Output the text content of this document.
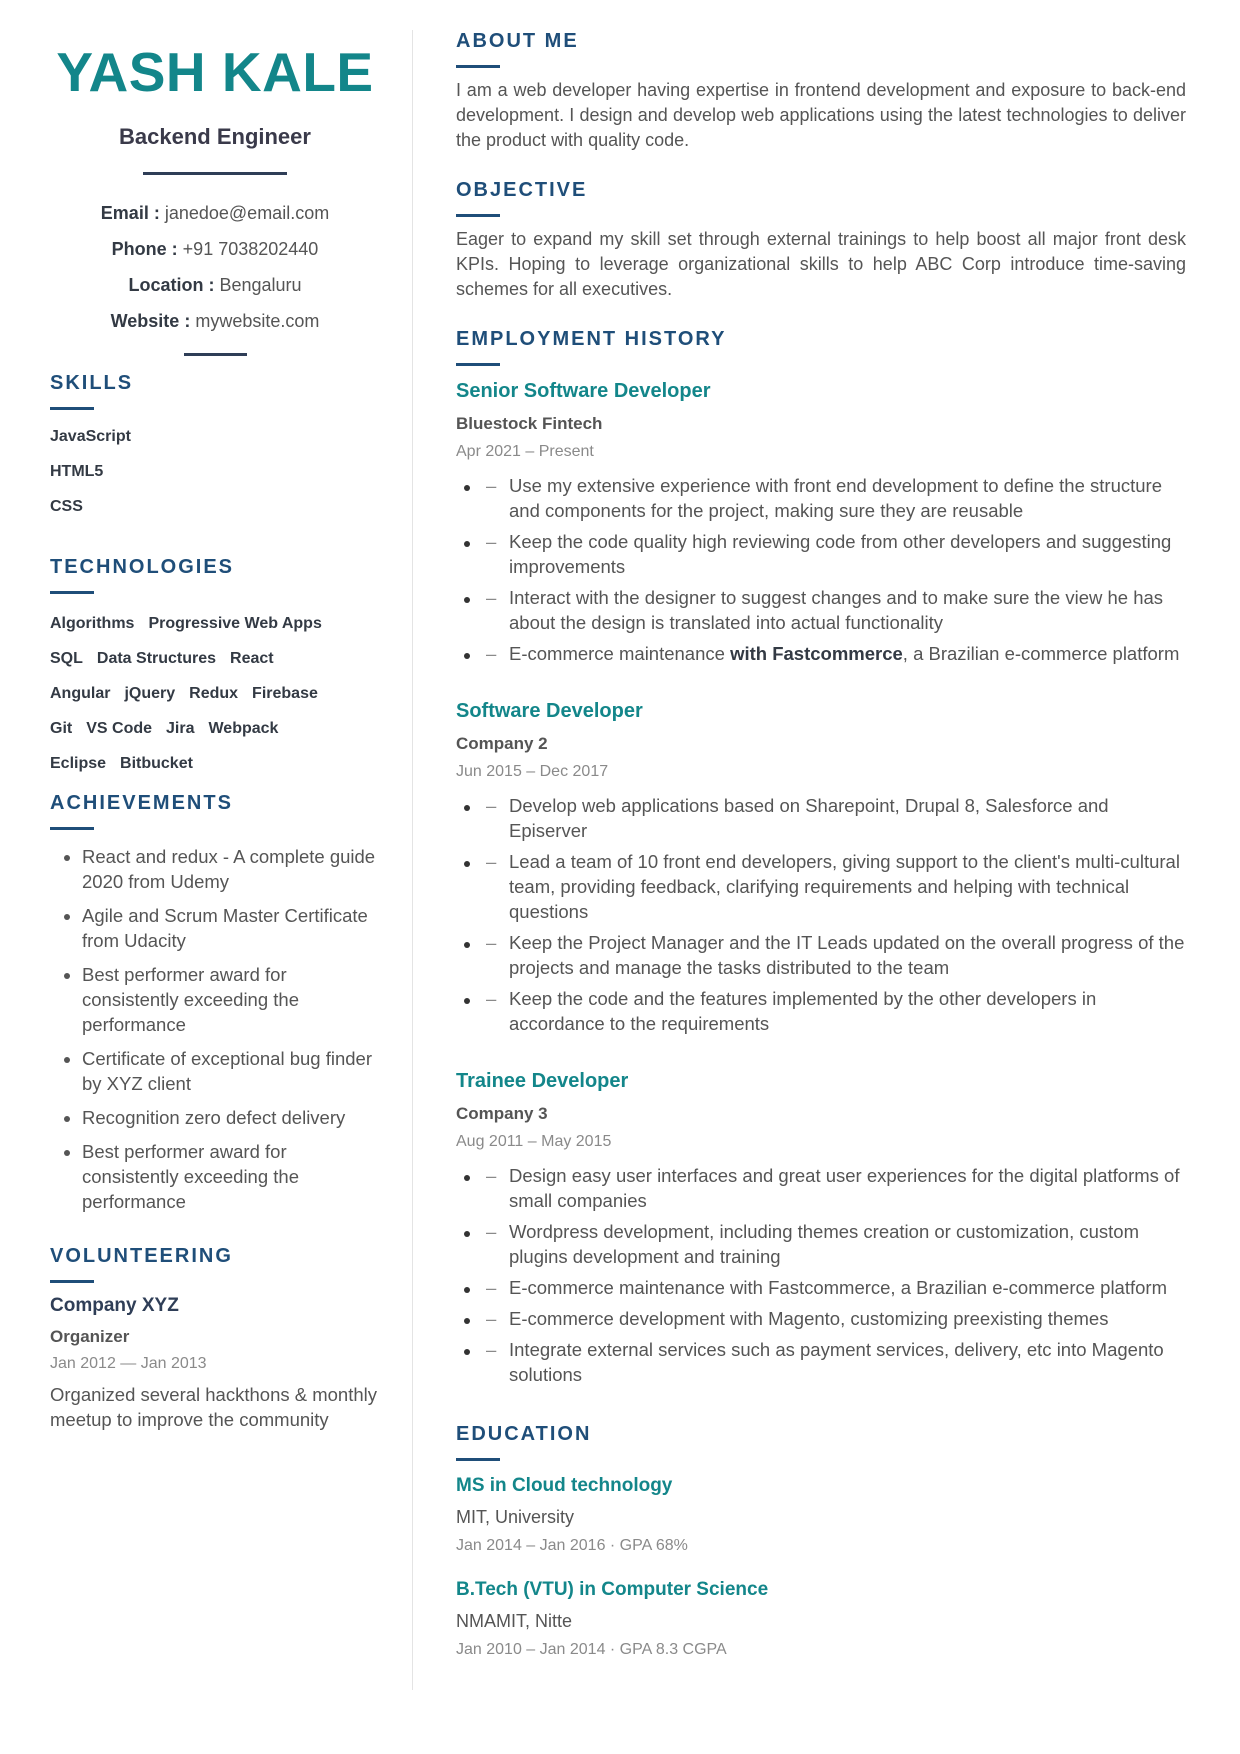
YASH KALE
Backend Engineer
Email : janedoe@email.com
Phone : +91 7038202440
Location : Bengaluru
Website : mywebsite.com
SKILLS
JavaScript
HTML5
CSS
TECHNOLOGIES
Algorithms Progressive Web Apps
SQL Data Structures React
Angular jQuery Redux Firebase
Git VS Code Jira Webpack
Eclipse Bitbucket
ACHIEVEMENTS
• React and redux - A complete guide 2020 from Udemy
• Agile and Scrum Master Certificate from Udacity
• Best performer award for consistently exceeding the performance
• Certificate of exceptional bug finder by XYZ client
• Recognition zero defect delivery
• Best performer award for consistently exceeding the performance
VOLUNTEERING
Company XYZ
Organizer
Jan 2012 — Jan 2013
Organized several hackthons & monthly meetup to improve the community
ABOUT ME
I am a web developer having expertise in frontend development and exposure to back-end development. I design and develop web applications using the latest technologies to deliver the product with quality code.
OBJECTIVE
Eager to expand my skill set through external trainings to help boost all major front desk KPIs. Hoping to leverage organizational skills to help ABC Corp introduce time-saving schemes for all executives.
EMPLOYMENT HISTORY
Senior Software Developer
Bluestock Fintech
Apr 2021 – Present
– Use my extensive experience with front end development to define the structure and components for the project, making sure they are reusable
– Keep the code quality high reviewing code from other developers and suggesting improvements
– Interact with the designer to suggest changes and to make sure the view he has about the design is translated into actual functionality
– E-commerce maintenance with Fastcommerce, a Brazilian e-commerce platform
Software Developer
Company 2
Jun 2015 – Dec 2017
– Develop web applications based on Sharepoint, Drupal 8, Salesforce and Episerver
– Lead a team of 10 front end developers, giving support to the client's multi-cultural team, providing feedback, clarifying requirements and helping with technical questions
– Keep the Project Manager and the IT Leads updated on the overall progress of the projects and manage the tasks distributed to the team
– Keep the code and the features implemented by the other developers in accordance to the requirements
Trainee Developer
Company 3
Aug 2011 – May 2015
– Design easy user interfaces and great user experiences for the digital platforms of small companies
– Wordpress development, including themes creation or customization, custom plugins development and training
– E-commerce maintenance with Fastcommerce, a Brazilian e-commerce platform
– E-commerce development with Magento, customizing preexisting themes
– Integrate external services such as payment services, delivery, etc into Magento solutions
EDUCATION
MS in Cloud technology
MIT, University
Jan 2014 – Jan 2016 · GPA 68%
B.Tech (VTU) in Computer Science
NMAMIT, Nitte
Jan 2010 – Jan 2014 · GPA 8.3 CGPA
